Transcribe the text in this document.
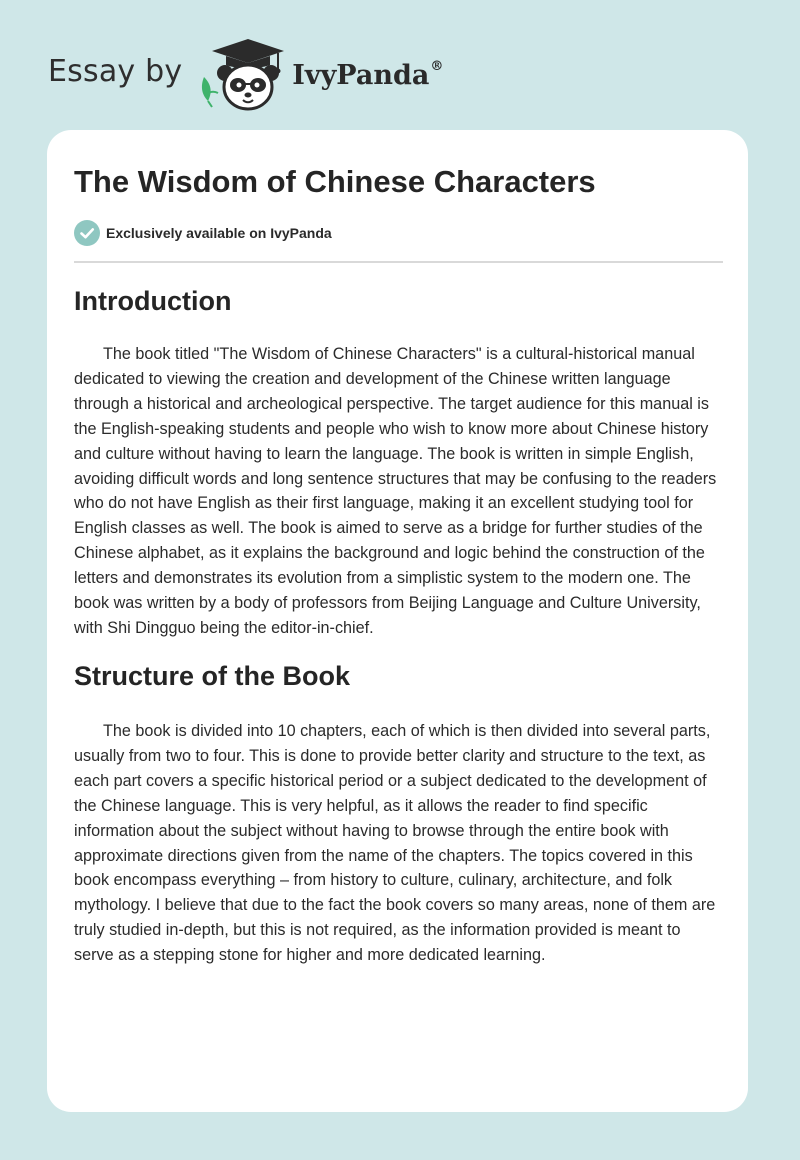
Essay by	IvyPanda®
The Wisdom of Chinese Characters
Exclusively available on IvyPanda
Introduction

The book titled "The Wisdom of Chinese Characters" is a cultural-historical manual dedicated to viewing the creation and development of the Chinese written language through a historical and archeological perspective. The target audience for this manual is the English-speaking students and people who wish to know more about Chinese history and culture without having to learn the language. The book is written in simple English, avoiding difficult words and long sentence structures that may be confusing to the readers who do not have English as their first language, making it an excellent studying tool for English classes as well. The book is aimed to serve as a bridge for further studies of the Chinese alphabet, as it explains the background and logic behind the construction of the letters and demonstrates its evolution from a simplistic system to the modern one. The book was written by a body of professors from Beijing Language and Culture University, with Shi Dingguo being the editor-in-chief.

Structure of the Book

The book is divided into 10 chapters, each of which is then divided into several parts, usually from two to four. This is done to provide better clarity and structure to the text, as each part covers a specific historical period or a subject dedicated to the development of the Chinese language. This is very helpful, as it allows the reader to find specific information about the subject without having to browse through the entire book with approximate directions given from the name of the chapters. The topics covered in this book encompass everything – from history to culture, culinary, architecture, and folk mythology. I believe that due to the fact the book covers so many areas, none of them are truly studied in-depth, but this is not required, as the information provided is meant to serve as a stepping stone for higher and more dedicated learning.
